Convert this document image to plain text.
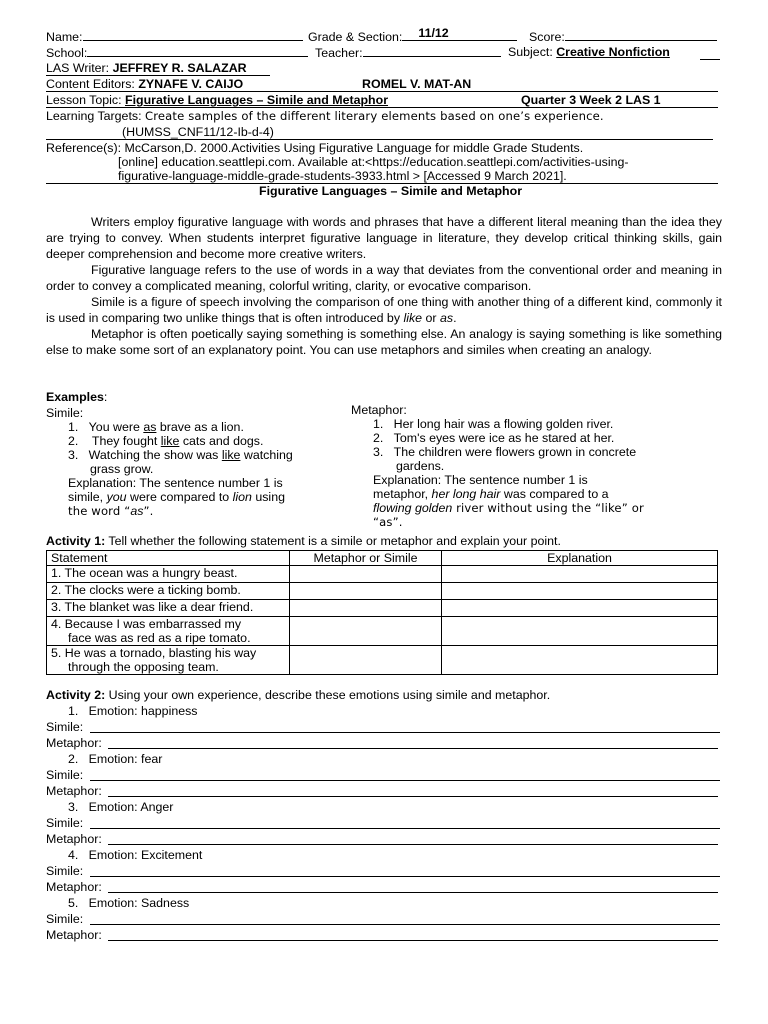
Name:	Grade & Section: 11/12	Score:
School:	Teacher:	Subject: Creative Nonfiction
LAS Writer: JEFFREY R. SALAZAR
Content Editors: ZYNAFE V. CAIJO	ROMEL V. MAT-AN
Lesson Topic: Figurative Languages – Simile and Metaphor	Quarter 3 Week 2 LAS 1
Learning Targets: Create samples of the different literary elements based on one’s experience.
(HUMSS_CNF11/12-Ib-d-4)
Reference(s): McCarson,D. 2000.Activities Using Figurative Language for middle Grade Students.
[online] education.seattlepi.com. Available at:<https://education.seattlepi.com/activities-using-
figurative-language-middle-grade-students-3933.html > [Accessed 9 March 2021].
Figurative Languages – Simile and Metaphor

Writers employ figurative language with words and phrases that have a different literal meaning than the idea they are trying to convey. When students interpret figurative language in literature, they develop critical thinking skills, gain deeper comprehension and become more creative writers.

Figurative language refers to the use of words in a way that deviates from the conventional order and meaning in order to convey a complicated meaning, colorful writing, clarity, or evocative comparison.

Simile is a figure of speech involving the comparison of one thing with another thing of a different kind, commonly it is used in comparing two unlike things that is often introduced by like or as.

Metaphor is often poetically saying something is something else. An analogy is saying something is like something else to make some sort of an explanatory point. You can use metaphors and similes when creating an analogy.

Examples:
Simile:
1. You were as brave as a lion.
2.    They fought like cats and dogs.
3. Watching the show was like watching
grass grow.
Explanation: The sentence number 1 is
simile, you were compared to lion using
the word “as”.
Metaphor:
1. Her long hair was a flowing golden river.
2. Tom's eyes were ice as he stared at her.
3. The children were flowers grown in concrete
gardens.
Explanation: The sentence number 1 is
metaphor, her long hair was compared to a
flowing golden river without using the “like” or
“as”.
Activity 1: Tell whether the following statement is a simile or metaphor and explain your point.
Statement	Metaphor or Simile	Explanation
1. The ocean was a hungry beast.		
2. The clocks were a ticking bomb.		
3. The blanket was like a dear friend.		
4. Because I was embarrassed my
face was as red as a ripe tomato.		
5. He was a tornado, blasting his way
through the opposing team.		
Activity 2: Using your own experience, describe these emotions using simile and metaphor.
1. Emotion: happiness
Simile:
Metaphor:
2. Emotion: fear
Simile:
Metaphor:
3. Emotion: Anger
Simile:
Metaphor:
4. Emotion: Excitement
Simile:
Metaphor:
5. Emotion: Sadness
Simile:
Metaphor:
